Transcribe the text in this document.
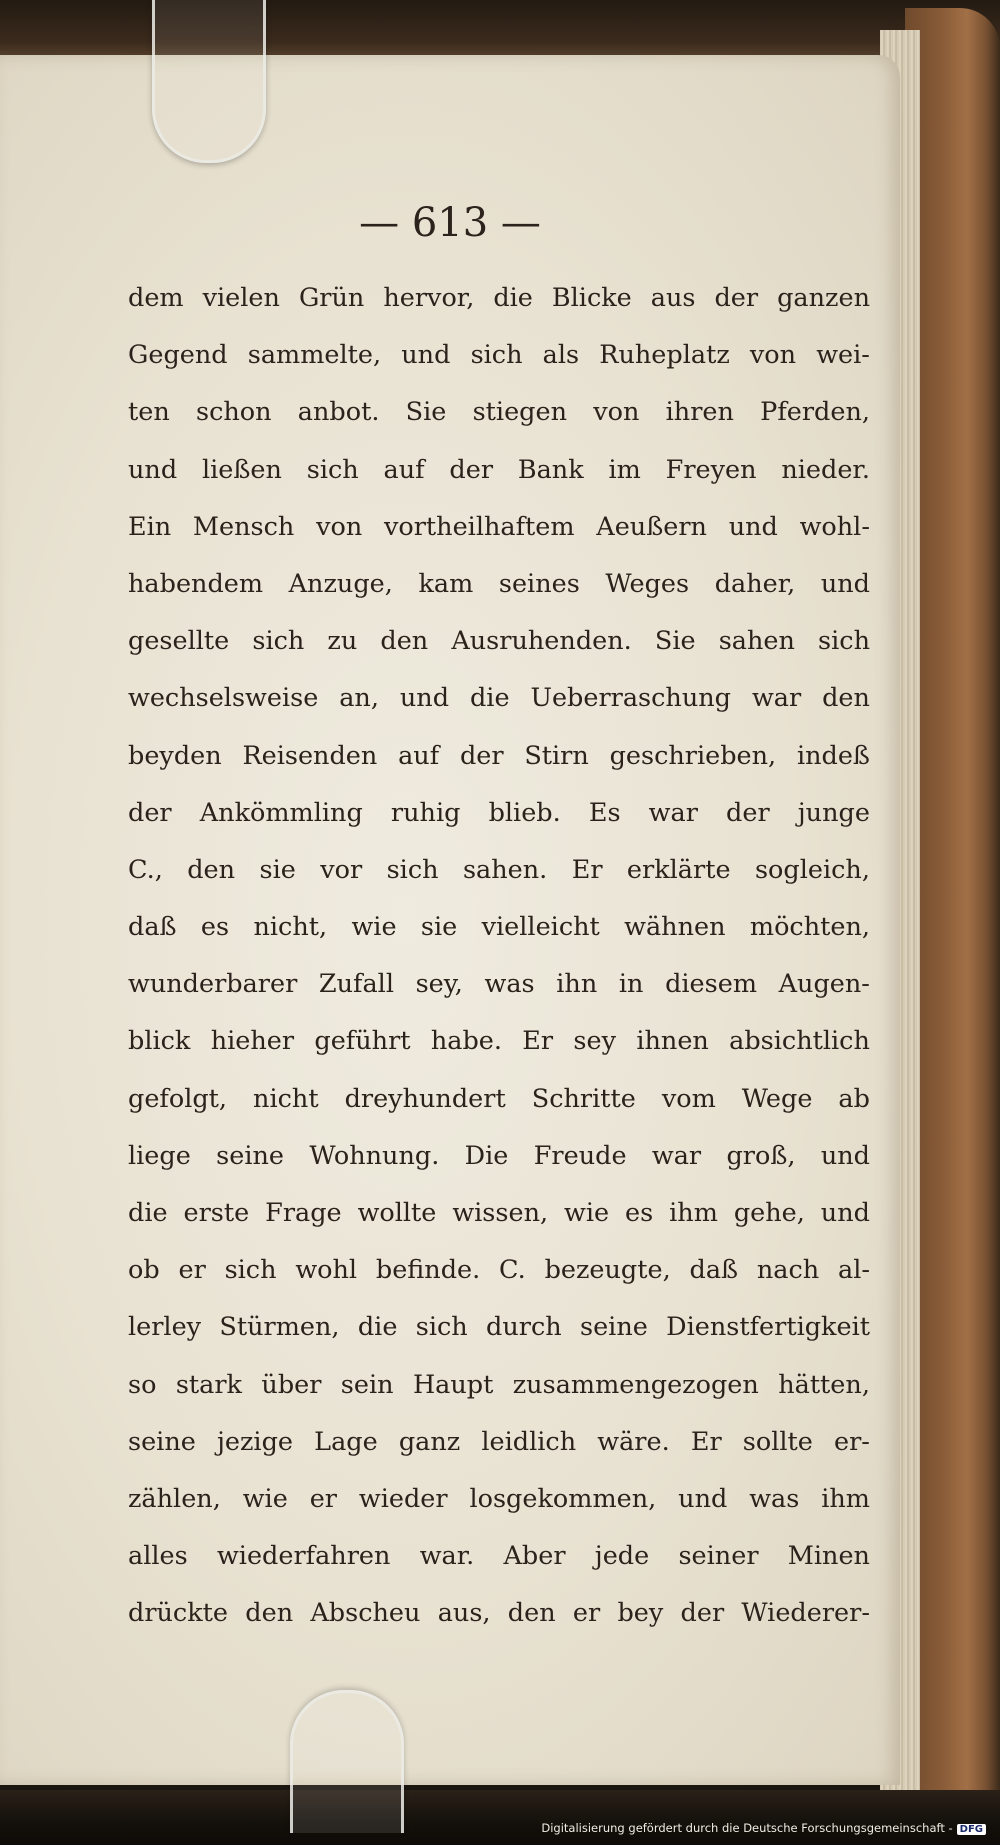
— 613 —
dem vielen Grün hervor, die Blicke aus der ganzen
Gegend sammelte, und sich als Ruheplatz von wei-
ten schon anbot. Sie stiegen von ihren Pferden,
und ließen sich auf der Bank im Freyen nieder.
Ein Mensch von vortheilhaftem Aeußern und wohl-
habendem Anzuge, kam seines Weges daher, und
gesellte sich zu den Ausruhenden. Sie sahen sich
wechselsweise an, und die Ueberraschung war den
beyden Reisenden auf der Stirn geschrieben, indeß
der Ankömmling ruhig blieb. Es war der junge
C., den sie vor sich sahen. Er erklärte sogleich,
daß es nicht, wie sie vielleicht wähnen möchten,
wunderbarer Zufall sey, was ihn in diesem Augen-
blick hieher geführt habe. Er sey ihnen absichtlich
gefolgt, nicht dreyhundert Schritte vom Wege ab
liege seine Wohnung. Die Freude war groß, und
die erste Frage wollte wissen, wie es ihm gehe, und
ob er sich wohl befinde. C. bezeugte, daß nach al-
lerley Stürmen, die sich durch seine Dienstfertigkeit
so stark über sein Haupt zusammengezogen hätten,
seine jezige Lage ganz leidlich wäre. Er sollte er-
zählen, wie er wieder losgekommen, und was ihm
alles wiederfahren war. Aber jede seiner Minen
drückte den Abscheu aus, den er bey der Wiederer-
Digitalisierung gefördert durch die Deutsche Forschungsgemeinschaft - DFG
